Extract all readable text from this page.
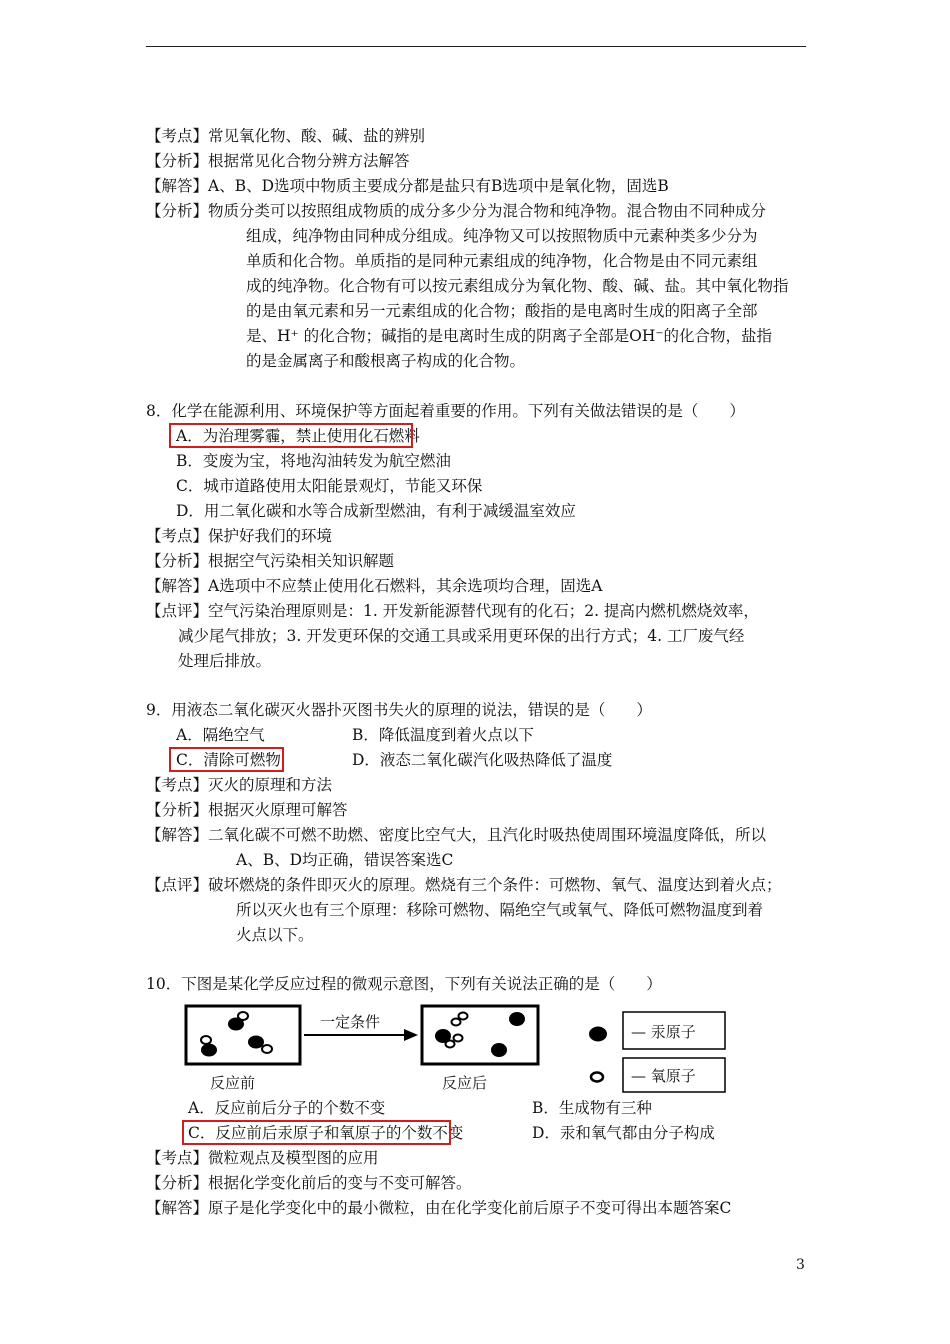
【考点】常见氧化物、酸、碱、盐的辨别
【分析】根据常见化合物分辨方法解答
【解答】A、B、D选项中物质主要成分都是盐只有B选项中是氧化物，固选B
【分析】物质分类可以按照组成物质的成分多少分为混合物和纯净物。混合物由不同种成分
组成，纯净物由同种成分组成。纯净物又可以按照物质中元素种类多少分为
单质和化合物。单质指的是同种元素组成的纯净物，化合物是由不同元素组
成的纯净物。化合物有可以按元素组成分为氧化物、酸、碱、盐。其中氧化物指
的是由氧元素和另一元素组成的化合物；酸指的是电离时生成的阳离子全部
是、H⁺ 的化合物；碱指的是电离时生成的阴离子全部是OH⁻的化合物，盐指
的是金属离子和酸根离子构成的化合物。
8．化学在能源利用、环境保护等方面起着重要的作用。下列有关做法错误的是（　　）
A．为治理雾霾，禁止使用化石燃料
B．变废为宝，将地沟油转发为航空燃油
C．城市道路使用太阳能景观灯，节能又环保
D．用二氧化碳和水等合成新型燃油，有利于减缓温室效应
【考点】保护好我们的环境
【分析】根据空气污染相关知识解题
【解答】A选项中不应禁止使用化石燃料，其余选项均合理，固选A
【点评】空气污染治理原则是：1. 开发新能源替代现有的化石；2. 提高内燃机燃烧效率，
减少尾气排放；3. 开发更环保的交通工具或采用更环保的出行方式；4. 工厂废气经
处理后排放。
9．用液态二氧化碳灭火器扑灭图书失火的原理的说法，错误的是（　　）
A．隔绝空气	B．降低温度到着火点以下
C．清除可燃物	D．液态二氧化碳汽化吸热降低了温度
【考点】灭火的原理和方法
【分析】根据灭火原理可解答
【解答】二氧化碳不可燃不助燃、密度比空气大，且汽化时吸热使周围环境温度降低，所以
A、B、D均正确，错误答案选C
【点评】破坏燃烧的条件即灭火的原理。燃烧有三个条件：可燃物、氧气、温度达到着火点；
所以灭火也有三个原理：移除可燃物、隔绝空气或氧气、降低可燃物温度到着
火点以下。
10．下图是某化学反应过程的微观示意图，下列有关说法正确的是（　　）
一定条件
— 汞原子
— 氧原子
反应前	反应后
A．反应前后分子的个数不变	B．生成物有三种
C．反应前后汞原子和氧原子的个数不变	D．汞和氧气都由分子构成
【考点】微粒观点及模型图的应用
【分析】根据化学变化前后的变与不变可解答。
【解答】原子是化学变化中的最小微粒，由在化学变化前后原子不变可得出本题答案C
3
